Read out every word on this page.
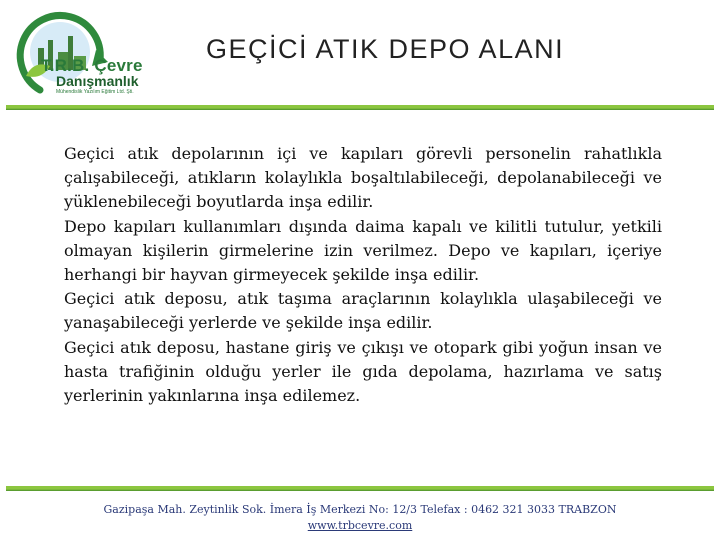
T.R.B. Çevre
Danışmanlık
Mühendislik Yazılım Eğitim Ltd. Şti.
GEÇİCİ ATIK DEPO ALANI

Geçici atık depolarının içi ve kapıları görevli personelin rahatlıkla çalışabileceği, atıkların kolaylıkla boşaltılabileceği, depolanabileceği ve yüklenebileceği boyutlarda inşa edilir.

Depo kapıları kullanımları dışında daima kapalı ve kilitli tutulur, yetkili olmayan kişilerin girmelerine izin verilmez. Depo ve kapıları, içeriye herhangi bir hayvan girmeyecek şekilde inşa edilir.

Geçici atık deposu, atık taşıma araçlarının kolaylıkla ulaşabileceği ve yanaşabileceği yerlerde ve şekilde inşa edilir.

Geçici atık deposu, hastane giriş ve çıkışı ve otopark gibi yoğun insan ve hasta trafiğinin olduğu yerler ile gıda depolama, hazırlama ve satış yerlerinin yakınlarına inşa edilemez.

Gazipaşa Mah. Zeytinlik Sok. İmera İş Merkezi No: 12/3 Telefax : 0462 321 3033 TRABZON
www.trbcevre.com
